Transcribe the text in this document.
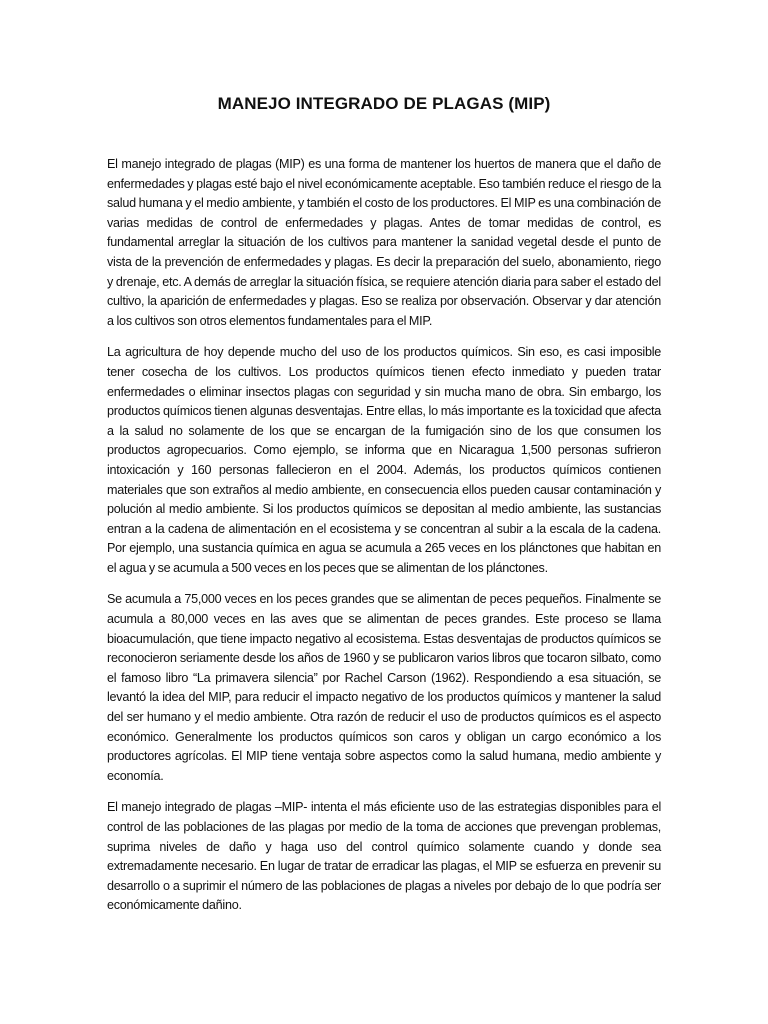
MANEJO INTEGRADO DE PLAGAS (MIP)

El manejo integrado de plagas (MIP) es una forma de mantener los huertos de manera que el daño de enfermedades y plagas esté bajo el nivel económicamente aceptable. Eso también reduce el riesgo de la salud humana y el medio ambiente, y también el costo de los productores. El MIP es una combinación de varias medidas de control de enfermedades y plagas. Antes de tomar medidas de control, es fundamental arreglar la situación de los cultivos para mantener la sanidad vegetal desde el punto de vista de la prevención de enfermedades y plagas. Es decir la preparación del suelo, abonamiento, riego y drenaje, etc. A demás de arreglar la situación física, se requiere atención diaria para saber el estado del cultivo, la aparición de enfermedades y plagas. Eso se realiza por observación. Observar y dar atención a los cultivos son otros elementos fundamentales para el MIP.

La agricultura de hoy depende mucho del uso de los productos químicos. Sin eso, es casi imposible tener cosecha de los cultivos. Los productos químicos tienen efecto inmediato y pueden tratar enfermedades o eliminar insectos plagas con seguridad y sin mucha mano de obra. Sin embargo, los productos químicos tienen algunas desventajas. Entre ellas, lo más importante es la toxicidad que afecta a la salud no solamente de los que se encargan de la fumigación sino de los que consumen los productos agropecuarios. Como ejemplo, se informa que en Nicaragua 1,500 personas sufrieron intoxicación y 160 personas fallecieron en el 2004. Además, los productos químicos contienen materiales que son extraños al medio ambiente, en consecuencia ellos pueden causar contaminación y polución al medio ambiente. Si los productos químicos se depositan al medio ambiente, las sustancias entran a la cadena de alimentación en el ecosistema y se concentran al subir a la escala de la cadena. Por ejemplo, una sustancia química en agua se acumula a 265 veces en los plánctones que habitan en el agua y se acumula a 500 veces en los peces que se alimentan de los plánctones.

Se acumula a 75,000 veces en los peces grandes que se alimentan de peces pequeños. Finalmente se acumula a 80,000 veces en las aves que se alimentan de peces grandes. Este proceso se llama bioacumulación, que tiene impacto negativo al ecosistema. Estas desventajas de productos químicos se reconocieron seriamente desde los años de 1960 y se publicaron varios libros que tocaron silbato, como el famoso libro “La primavera silencia” por Rachel Carson (1962). Respondiendo a esa situación, se levantó la idea del MIP, para reducir el impacto negativo de los productos químicos y mantener la salud del ser humano y el medio ambiente. Otra razón de reducir el uso de productos químicos es el aspecto económico. Generalmente los productos químicos son caros y obligan un cargo económico a los productores agrícolas. El MIP tiene ventaja sobre aspectos como la salud humana, medio ambiente y economía.

El manejo integrado de plagas –MIP- intenta el más eficiente uso de las estrategias disponibles para el control de las poblaciones de las plagas por medio de la toma de acciones que prevengan problemas, suprima niveles de daño y haga uso del control químico solamente cuando y donde sea extremadamente necesario. En lugar de tratar de erradicar las plagas, el MIP se esfuerza en prevenir su desarrollo o a suprimir el número de las poblaciones de plagas a niveles por debajo de lo que podría ser económicamente dañino.
